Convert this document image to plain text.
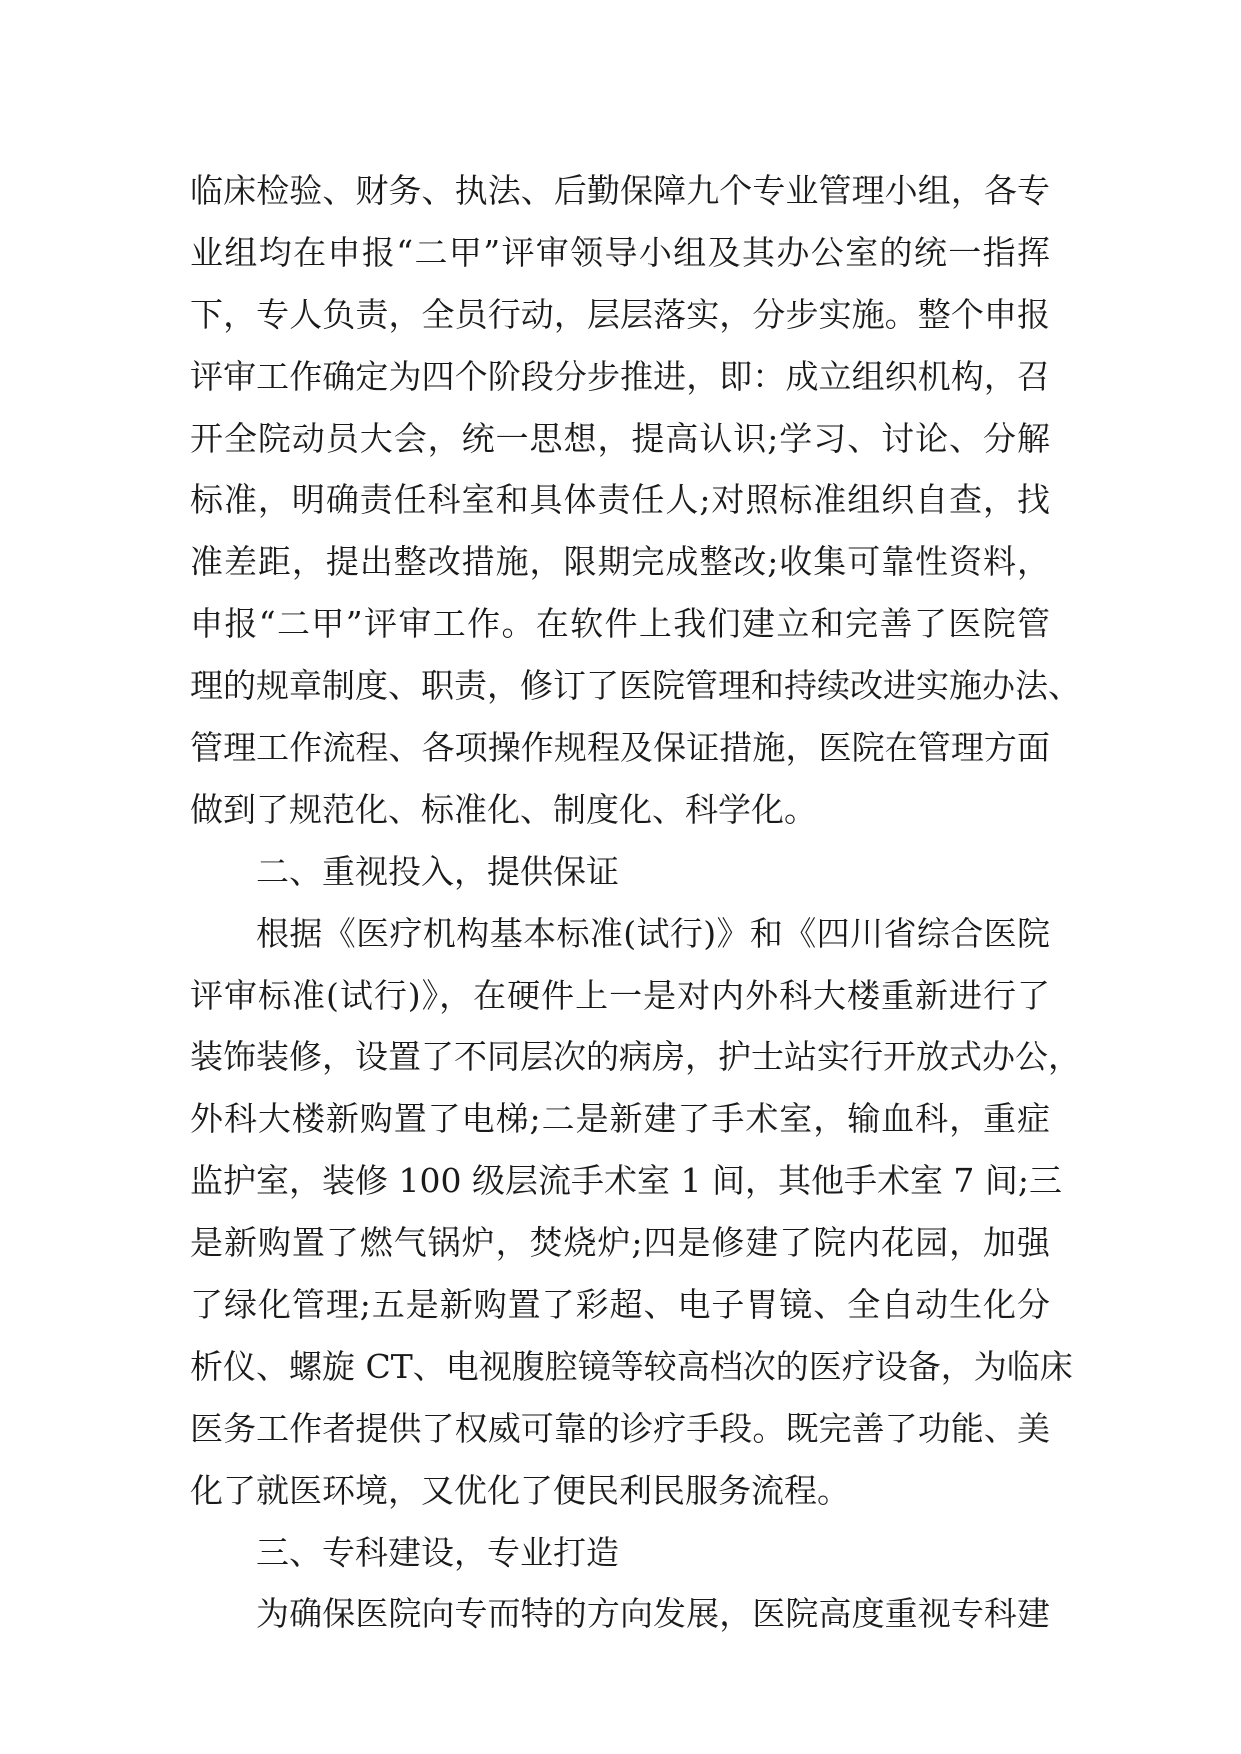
临床检验、财务、执法、后勤保障九个专业管理小组，各专
业组均在申报“二甲”评审领导小组及其办公室的统一指挥
下，专人负责，全员行动，层层落实，分步实施。整个申报
评审工作确定为四个阶段分步推进，即：成立组织机构，召
开全院动员大会，统一思想，提高认识;学习、讨论、分解
标准，明确责任科室和具体责任人;对照标准组织自查，找
准差距，提出整改措施，限期完成整改;收集可靠性资料，
申报“二甲”评审工作。在软件上我们建立和完善了医院管
理的规章制度、职责，修订了医院管理和持续改进实施办法、
管理工作流程、各项操作规程及保证措施，医院在管理方面
做到了规范化、标准化、制度化、科学化。
二、重视投入，提供保证
根据《医疗机构基本标准(试行)》和《四川省综合医院
评审标准(试行)》，在硬件上一是对内外科大楼重新进行了
装饰装修，设置了不同层次的病房，护士站实行开放式办公，
外科大楼新购置了电梯;二是新建了手术室，输血科，重症
监护室，装修 100 级层流手术室 1 间，其他手术室 7 间;三
是新购置了燃气锅炉，焚烧炉;四是修建了院内花园，加强
了绿化管理;五是新购置了彩超、电子胃镜、全自动生化分
析仪、螺旋 CT、电视腹腔镜等较高档次的医疗设备，为临床
医务工作者提供了权威可靠的诊疗手段。既完善了功能、美
化了就医环境，又优化了便民利民服务流程。
三、专科建设，专业打造
为确保医院向专而特的方向发展，医院高度重视专科建
